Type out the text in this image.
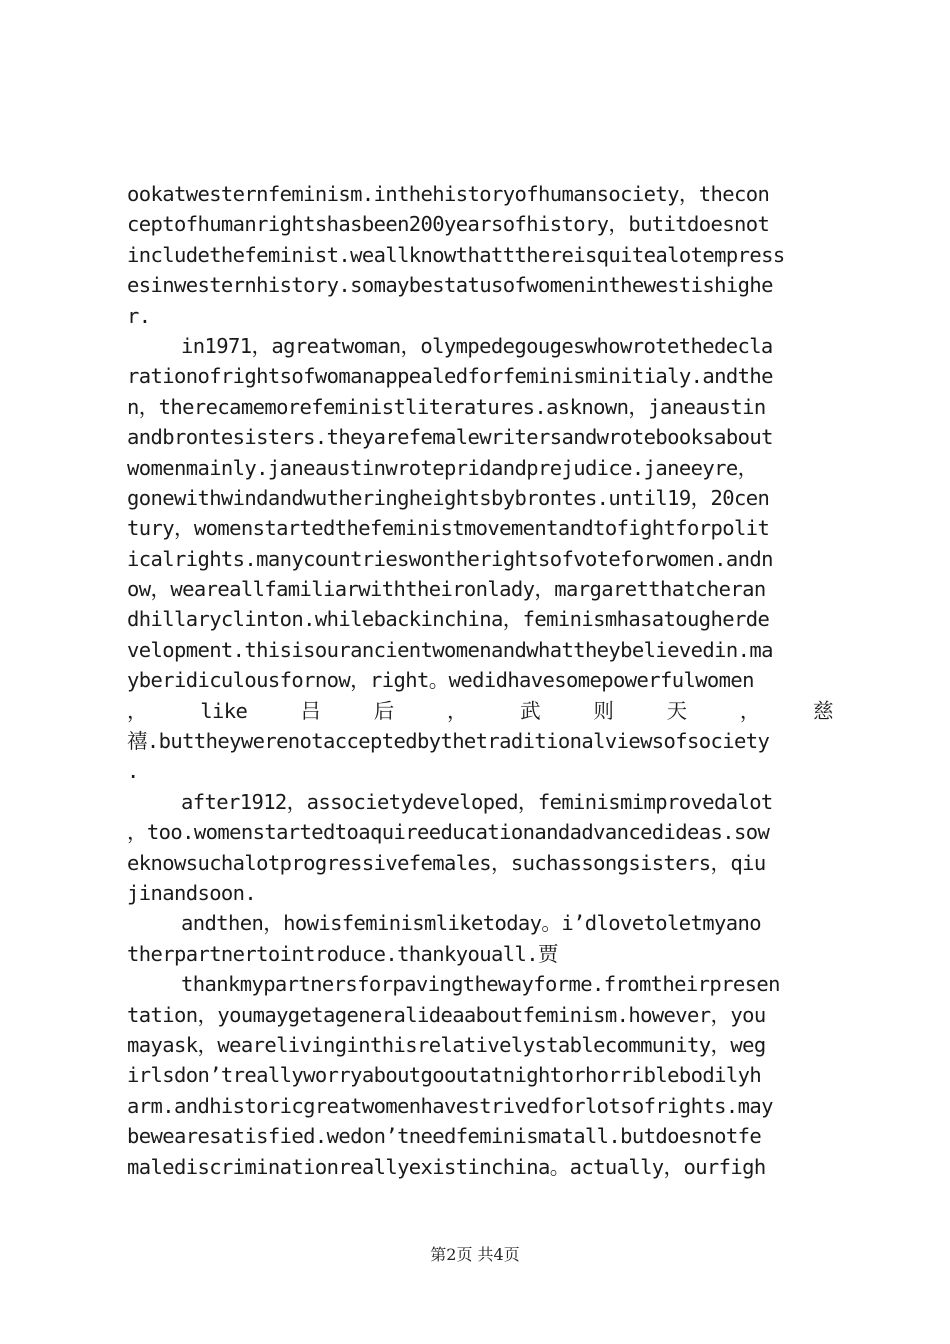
ookatwesternfeminism.inthehistoryofhumansociety，thecon
ceptofhumanrightshasbeen200yearsofhistory，butitdoesnot
includethefeminist.weallknowthattthereisquitealotempress
esinwesternhistory.somaybestatusofwomeninthewestishighe
r.
in1971，agreatwoman，olympedegougeswhowrotethedecla
rationofrightsofwomanappealedforfeminisminitialy.andthe
n，therecamemorefeministliteratures.asknown，janeaustin
andbrontesisters.theyarefemalewritersandwrotebooksabout
womenmainly.janeaustinwrotepridandprejudice.janeeyre，
gonewithwindandwutheringheightsbybrontes.until19，20cen
tury，womenstartedthefeministmovementandtofightforpolit
icalrights.manycountrieswontherightsofvoteforwomen.andn
ow，weareallfamiliarwiththeironlady，margaretthatcheran
dhillaryclinton.whilebackinchina，feminismhasatougherde
velopment.thisisourancientwomenandwhattheybelievedin.ma
yberidiculousfornow，right。wedidhavesomepowerfulwomen
，	like	吕	后	，	武	则	天	，	慈
禧.buttheywerenotacceptedbythetraditionalviewsofsociety
.
after1912，associetydeveloped，feminismimprovedalot
，too.womenstartedtoaquireeducationandadvancedideas.sow
eknowsuchalotprogressivefemales，suchassongsisters，qiu
jinandsoon.
andthen，howisfeminismliketoday。i’dlovetoletmyano
therpartnertointroduce.thankyouall.贾
thankmypartnersforpavingthewayforme.fromtheirpresen
tation，youmaygetageneralideaaboutfeminism.however，you
mayask，wearelivinginthisrelativelystablecommunity，weg
irlsdon’treallyworryaboutgooutatnightorhorriblebodilyh
arm.andhistoricgreatwomenhavestrivedforlotsofrights.may
bewearesatisfied.wedon’tneedfeminismatall.butdoesnotfe
malediscriminationreallyexistinchina。actually，ourfigh
第2页 共4页
